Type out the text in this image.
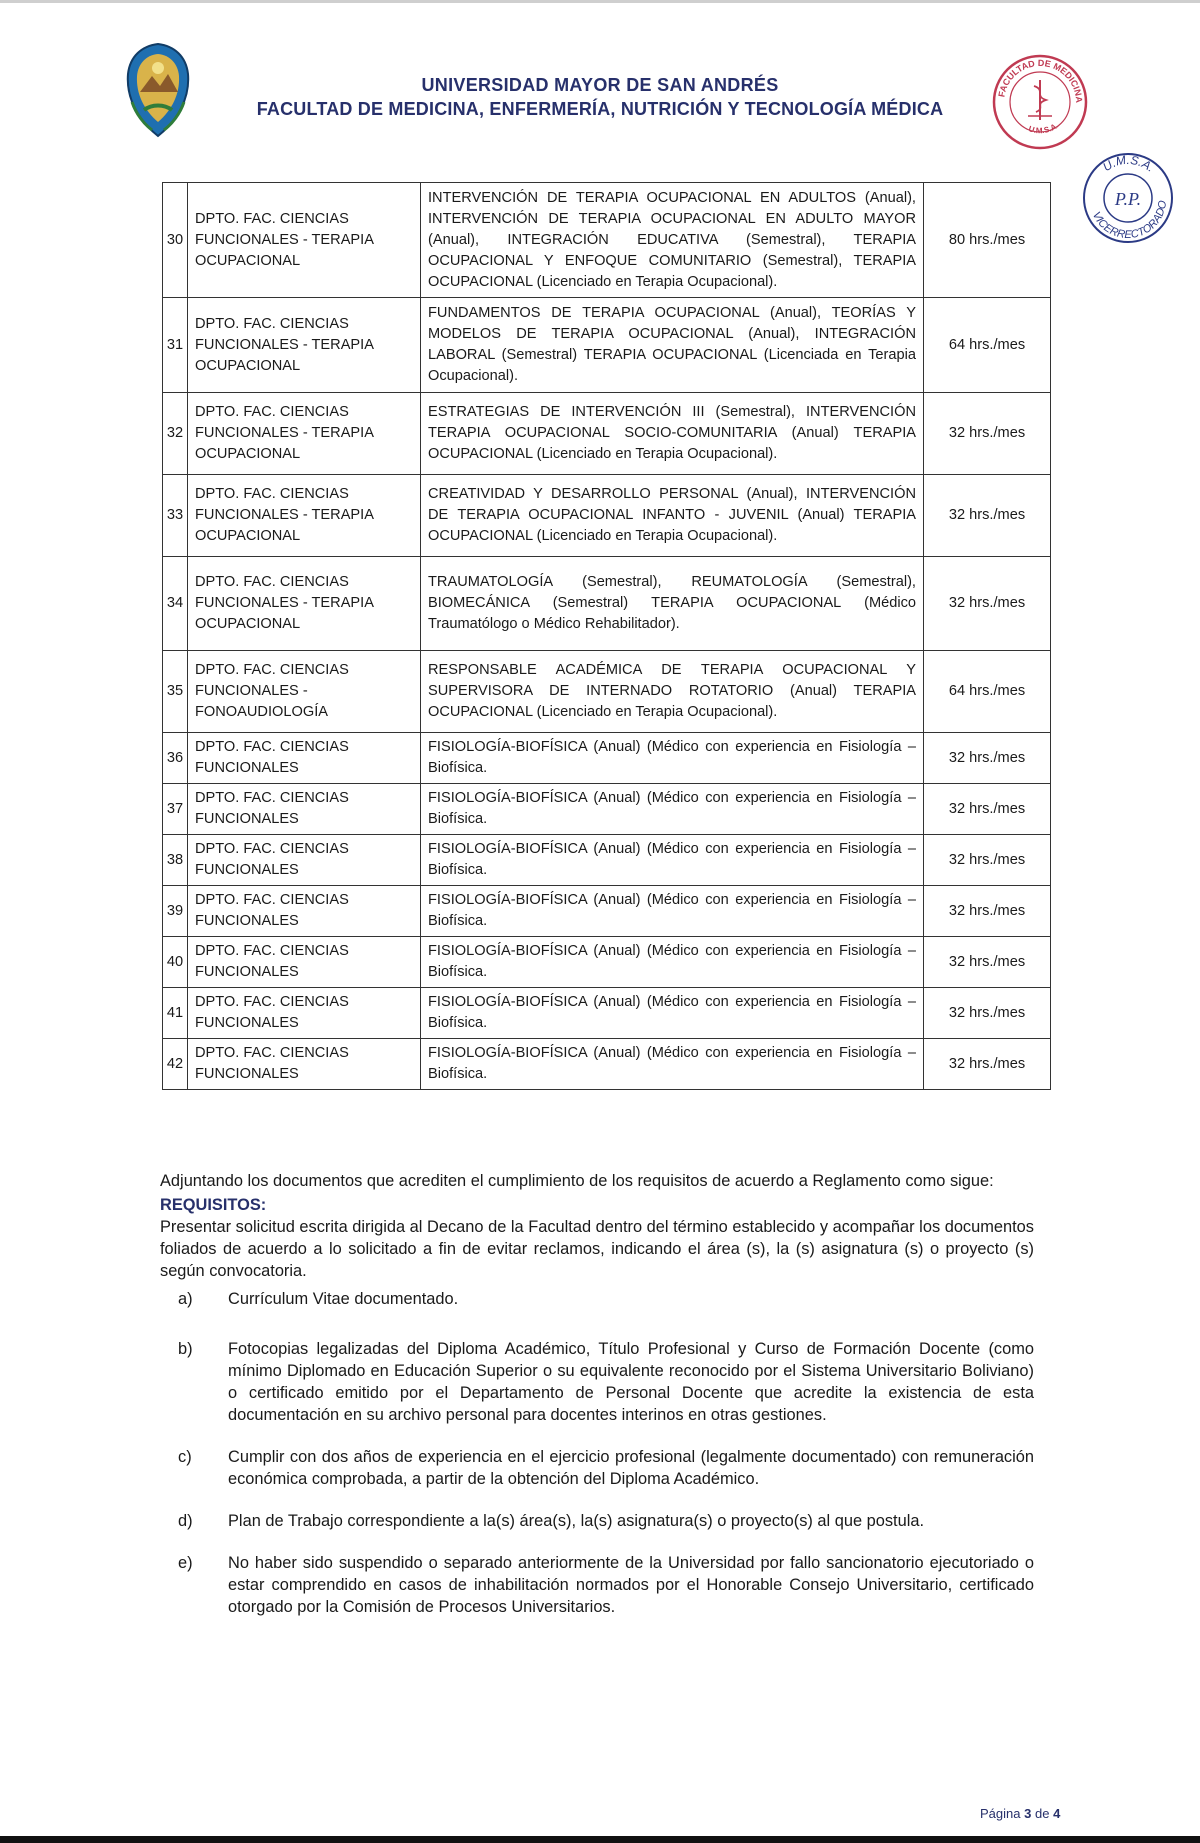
UNIVERSIDAD MAYOR DE SAN ANDRÉS
FACULTAD DE MEDICINA, ENFERMERÍA, NUTRICIÓN Y TECNOLOGÍA MÉDICA
FACULTAD DE MEDICINA
U.M.S.A.
U.M.S.A.
VICERRECTORADO
P.P.
30	DPTO. FAC. CIENCIAS FUNCIONALES - TERAPIA OCUPACIONAL	INTERVENCIÓN DE TERAPIA OCUPACIONAL EN ADULTOS (Anual), INTERVENCIÓN DE TERAPIA OCUPACIONAL EN ADULTO MAYOR (Anual), INTEGRACIÓN EDUCATIVA (Semestral), TERAPIA OCUPACIONAL Y ENFOQUE COMUNITARIO (Semestral), TERAPIA OCUPACIONAL (Licenciado en Terapia Ocupacional).	80 hrs./mes
31	DPTO. FAC. CIENCIAS FUNCIONALES - TERAPIA OCUPACIONAL	FUNDAMENTOS DE TERAPIA OCUPACIONAL (Anual), TEORÍAS Y MODELOS DE TERAPIA OCUPACIONAL (Anual), INTEGRACIÓN LABORAL (Semestral) TERAPIA OCUPACIONAL (Licenciada en Terapia Ocupacional).	64 hrs./mes
32	DPTO. FAC. CIENCIAS FUNCIONALES - TERAPIA OCUPACIONAL	ESTRATEGIAS DE INTERVENCIÓN III (Semestral), INTERVENCIÓN TERAPIA OCUPACIONAL SOCIO-COMUNITARIA (Anual) TERAPIA OCUPACIONAL (Licenciado en Terapia Ocupacional).	32 hrs./mes
33	DPTO. FAC. CIENCIAS FUNCIONALES - TERAPIA OCUPACIONAL	CREATIVIDAD Y DESARROLLO PERSONAL (Anual), INTERVENCIÓN DE TERAPIA OCUPACIONAL INFANTO - JUVENIL (Anual) TERAPIA OCUPACIONAL (Licenciado en Terapia Ocupacional).	32 hrs./mes
34	DPTO. FAC. CIENCIAS FUNCIONALES - TERAPIA OCUPACIONAL	TRAUMATOLOGÍA (Semestral), REUMATOLOGÍA (Semestral), BIOMECÁNICA (Semestral) TERAPIA OCUPACIONAL (Médico Traumatólogo o Médico Rehabilitador).	32 hrs./mes
35	DPTO. FAC. CIENCIAS FUNCIONALES - FONOAUDIOLOGÍA	RESPONSABLE ACADÉMICA DE TERAPIA OCUPACIONAL Y SUPERVISORA DE INTERNADO ROTATORIO (Anual) TERAPIA OCUPACIONAL (Licenciado en Terapia Ocupacional).	64 hrs./mes
36	DPTO. FAC. CIENCIAS FUNCIONALES	FISIOLOGÍA-BIOFÍSICA (Anual) (Médico con experiencia en Fisiología – Biofísica.	32 hrs./mes
37	DPTO. FAC. CIENCIAS FUNCIONALES	FISIOLOGÍA-BIOFÍSICA (Anual) (Médico con experiencia en Fisiología – Biofísica.	32 hrs./mes
38	DPTO. FAC. CIENCIAS FUNCIONALES	FISIOLOGÍA-BIOFÍSICA (Anual) (Médico con experiencia en Fisiología – Biofísica.	32 hrs./mes
39	DPTO. FAC. CIENCIAS FUNCIONALES	FISIOLOGÍA-BIOFÍSICA (Anual) (Médico con experiencia en Fisiología – Biofísica.	32 hrs./mes
40	DPTO. FAC. CIENCIAS FUNCIONALES	FISIOLOGÍA-BIOFÍSICA (Anual) (Médico con experiencia en Fisiología – Biofísica.	32 hrs./mes
41	DPTO. FAC. CIENCIAS FUNCIONALES	FISIOLOGÍA-BIOFÍSICA (Anual) (Médico con experiencia en Fisiología – Biofísica.	32 hrs./mes
42	DPTO. FAC. CIENCIAS FUNCIONALES	FISIOLOGÍA-BIOFÍSICA (Anual) (Médico con experiencia en Fisiología – Biofísica.	32 hrs./mes

Adjuntando los documentos que acrediten el cumplimiento de los requisitos de acuerdo a Reglamento como sigue:

REQUISITOS:

Presentar solicitud escrita dirigida al Decano de la Facultad dentro del término establecido y acompañar los documentos foliados de acuerdo a lo solicitado a fin de evitar reclamos, indicando el área (s), la (s) asignatura (s) o proyecto (s) según convocatoria.

a)	Currículum Vitae documentado.
b)	Fotocopias legalizadas del Diploma Académico, Título Profesional y Curso de Formación Docente (como mínimo Diplomado en Educación Superior o su equivalente reconocido por el Sistema Universitario Boliviano) o certificado emitido por el Departamento de Personal Docente que acredite la existencia de esta documentación en su archivo personal para docentes interinos en otras gestiones.
c)	Cumplir con dos años de experiencia en el ejercicio profesional (legalmente documentado) con remuneración económica comprobada, a partir de la obtención del Diploma Académico.
d)	Plan de Trabajo correspondiente a la(s) área(s), la(s) asignatura(s) o proyecto(s) al que postula.
e)	No haber sido suspendido o separado anteriormente de la Universidad por fallo sancionatorio ejecutoriado o estar comprendido en casos de inhabilitación normados por el Honorable Consejo Universitario, certificado otorgado por la Comisión de Procesos Universitarios.
Página 3 de 4
